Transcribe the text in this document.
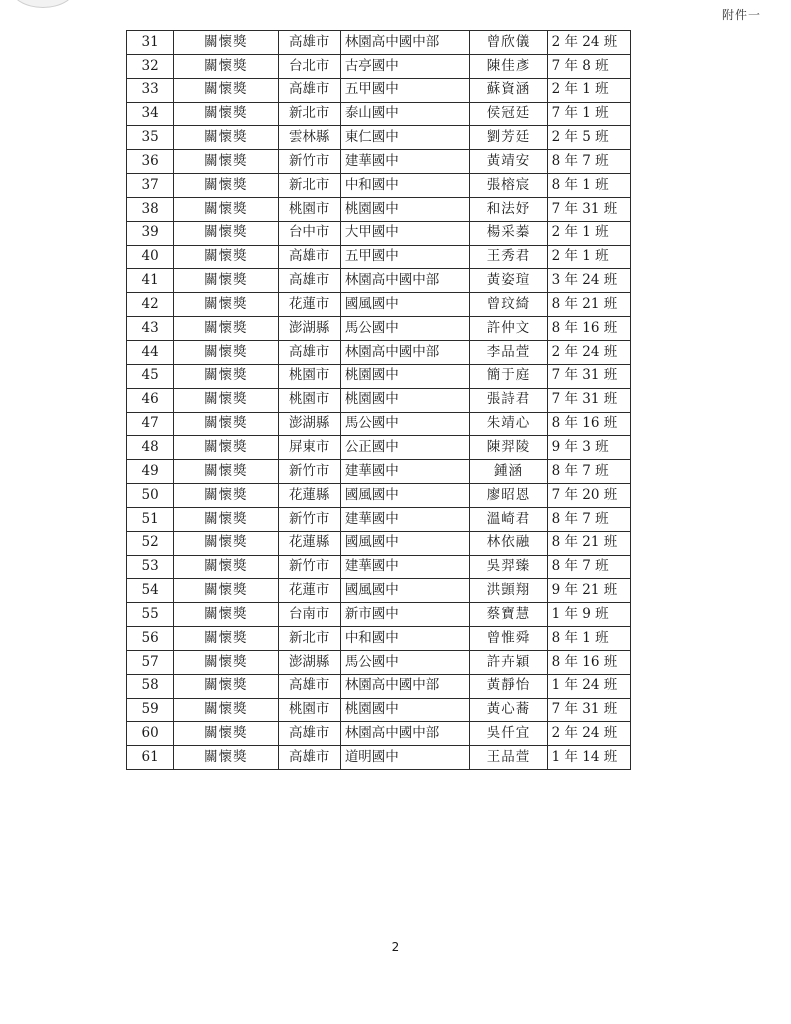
附件一
31	關懷獎	高雄市	林園高中國中部	曾欣儀	2 年 24 班
32	關懷獎	台北市	古亭國中	陳佳彥	7 年 8 班
33	關懷獎	高雄市	五甲國中	蘇資涵	2 年 1 班
34	關懷獎	新北市	泰山國中	侯冠廷	7 年 1 班
35	關懷獎	雲林縣	東仁國中	劉芳廷	2 年 5 班
36	關懷獎	新竹市	建華國中	黃靖安	8 年 7 班
37	關懷獎	新北市	中和國中	張榕宸	8 年 1 班
38	關懷獎	桃園市	桃園國中	和法妤	7 年 31 班
39	關懷獎	台中市	大甲國中	楊采蓁	2 年 1 班
40	關懷獎	高雄市	五甲國中	王秀君	2 年 1 班
41	關懷獎	高雄市	林園高中國中部	黃姿瑄	3 年 24 班
42	關懷獎	花蓮市	國風國中	曾玟綺	8 年 21 班
43	關懷獎	澎湖縣	馬公國中	許仲文	8 年 16 班
44	關懷獎	高雄市	林園高中國中部	李品萱	2 年 24 班
45	關懷獎	桃園市	桃園國中	簡于庭	7 年 31 班
46	關懷獎	桃園市	桃園國中	張詩君	7 年 31 班
47	關懷獎	澎湖縣	馬公國中	朱靖心	8 年 16 班
48	關懷獎	屏東市	公正國中	陳羿陵	9 年 3 班
49	關懷獎	新竹市	建華國中	鍾涵	8 年 7 班
50	關懷獎	花蓮縣	國風國中	廖昭恩	7 年 20 班
51	關懷獎	新竹市	建華國中	溫崎君	8 年 7 班
52	關懷獎	花蓮縣	國風國中	林依融	8 年 21 班
53	關懷獎	新竹市	建華國中	吳羿臻	8 年 7 班
54	關懷獎	花蓮市	國風國中	洪顗翔	9 年 21 班
55	關懷獎	台南市	新市國中	蔡寶慧	1 年 9 班
56	關懷獎	新北市	中和國中	曾惟舜	8 年 1 班
57	關懷獎	澎湖縣	馬公國中	許卉穎	8 年 16 班
58	關懷獎	高雄市	林園高中國中部	黃靜怡	1 年 24 班
59	關懷獎	桃園市	桃園國中	黃心蕎	7 年 31 班
60	關懷獎	高雄市	林園高中國中部	吳仟宜	2 年 24 班
61	關懷獎	高雄市	道明國中	王品萱	1 年 14 班
2
